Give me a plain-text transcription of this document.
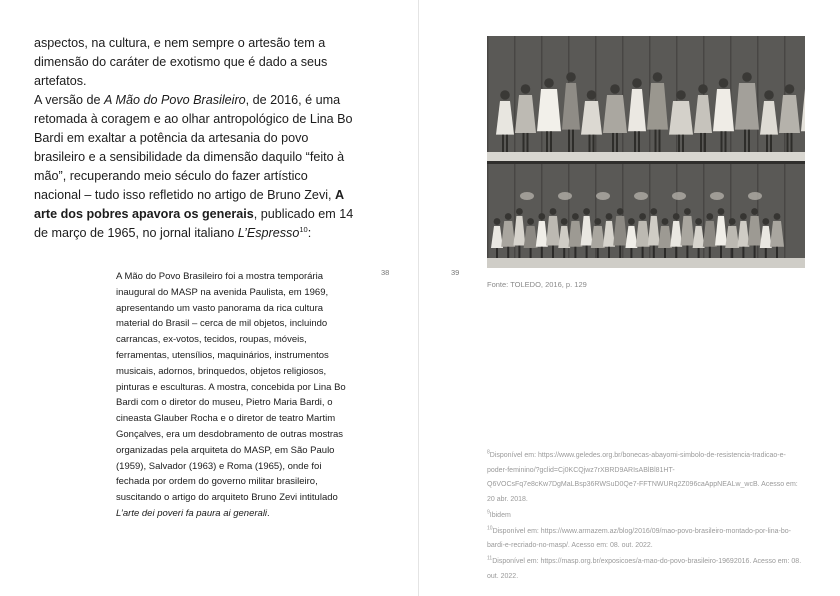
aspectos, na cultura, e nem sempre o artesão tem a dimensão do caráter de exotismo que é dado a seus artefatos.

A versão de A Mão do Povo Brasileiro, de 2016, é uma retomada à coragem e ao olhar antropológico de Lina Bo Bardi em exaltar a potência da artesania do povo brasileiro e a sensibilidade da dimensão daquilo “feito à mão”, recuperando meio século do fazer artístico nacional – tudo isso refletido no artigo de Bruno Zevi, A arte dos pobres apavora os generais, publicado em 14 de março de 1965, no jornal italiano L’Espresso$^{10}$:

A Mão do Povo Brasileiro foi a mostra temporária inaugural do MASP na avenida Paulista, em 1969, apresentando um vasto panorama da rica cultura material do Brasil – cerca de mil objetos, incluindo carrancas, ex-votos, tecidos, roupas, móveis, ferramentas, utensílios, maquinários, instrumentos musicais, adornos, brinquedos, objetos religiosos, pinturas e esculturas. A mostra, concebida por Lina Bo Bardi com o diretor do museu, Pietro Maria Bardi, o cineasta Glauber Rocha e o diretor de teatro Martim Gonçalves, era um desdobramento de outras mostras organizadas pela arquiteta do MASP, em São Paulo (1959), Salvador (1963) e Roma (1965), onde foi fechada por ordem do governo militar brasileiro, suscitando o artigo do arquiteto Bruno Zevi intitulado L’arte dei poveri fa paura ai generali.
38	39
Fonte: TOLEDO, 2016, p. 129
$^8$Disponível em: https://www.geledes.org.br/bonecas-abayomi-simbolo-de-resistencia-tradicao-e-poder-feminino/?gclid=Cj0KCQjwz7rXBRD9ARIsABlBl81HT-Q6VOCsFq7e8cKw7DgMaLBsp36RWSuD0Qe7-FFTNWURq2Z096caAppNEALw_wcB. Acesso em: 20 abr. 2018.
$^9$Ibidem
$^{10}$Disponível em: https://www.armazem.az/blog/2016/09/mao-povo-brasileiro-montado-por-lina-bo-bardi-e-recriado-no-masp/. Acesso em: 08. out. 2022.
$^{11}$Disponível em: https://masp.org.br/exposicoes/a-mao-do-povo-brasileiro-19692016. Acesso em: 08. out. 2022.
